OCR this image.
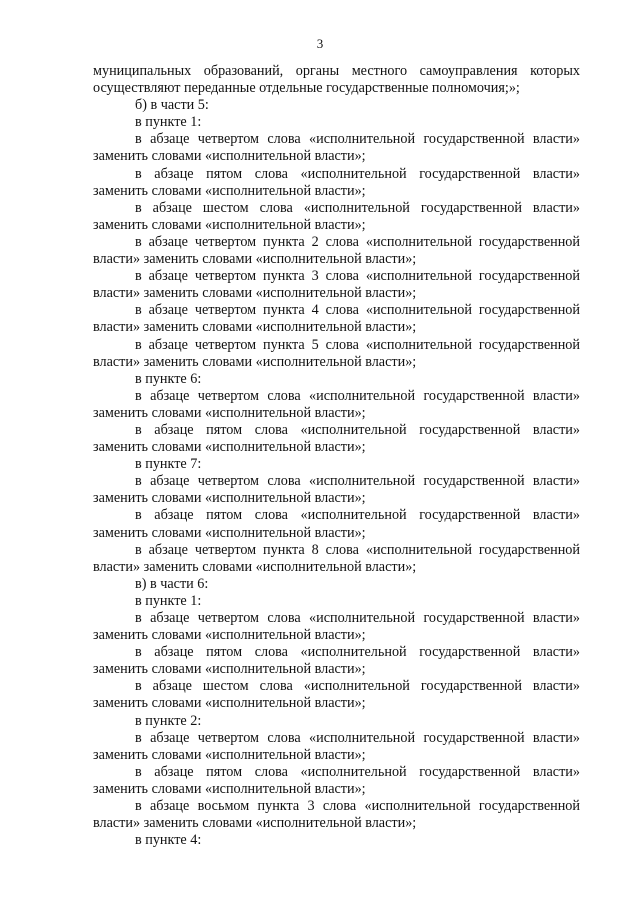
3

муниципальных образований, органы местного самоуправления которых осуществляют переданные отдельные государственные полномочия;»;

б) в части 5:

в пункте 1:

в абзаце четвертом слова «исполнительной государственной власти» заменить словами «исполнительной власти»;

в абзаце пятом слова «исполнительной государственной власти» заменить словами «исполнительной власти»;

в абзаце шестом слова «исполнительной государственной власти» заменить словами «исполнительной власти»;

в абзаце четвертом пункта 2 слова «исполнительной государственной власти» заменить словами «исполнительной власти»;

в абзаце четвертом пункта 3 слова «исполнительной государственной власти» заменить словами «исполнительной власти»;

в абзаце четвертом пункта 4 слова «исполнительной государственной власти» заменить словами «исполнительной власти»;

в абзаце четвертом пункта 5 слова «исполнительной государственной власти» заменить словами «исполнительной власти»;

в пункте 6:

в абзаце четвертом слова «исполнительной государственной власти» заменить словами «исполнительной власти»;

в абзаце пятом слова «исполнительной государственной власти» заменить словами «исполнительной власти»;

в пункте 7:

в абзаце четвертом слова «исполнительной государственной власти» заменить словами «исполнительной власти»;

в абзаце пятом слова «исполнительной государственной власти» заменить словами «исполнительной власти»;

в абзаце четвертом пункта 8 слова «исполнительной государственной власти» заменить словами «исполнительной власти»;

в) в части 6:

в пункте 1:

в абзаце четвертом слова «исполнительной государственной власти» заменить словами «исполнительной власти»;

в абзаце пятом слова «исполнительной государственной власти» заменить словами «исполнительной власти»;

в абзаце шестом слова «исполнительной государственной власти» заменить словами «исполнительной власти»;

в пункте 2:

в абзаце четвертом слова «исполнительной государственной власти» заменить словами «исполнительной власти»;

в абзаце пятом слова «исполнительной государственной власти» заменить словами «исполнительной власти»;

в абзаце восьмом пункта 3 слова «исполнительной государственной власти» заменить словами «исполнительной власти»;

в пункте 4:
